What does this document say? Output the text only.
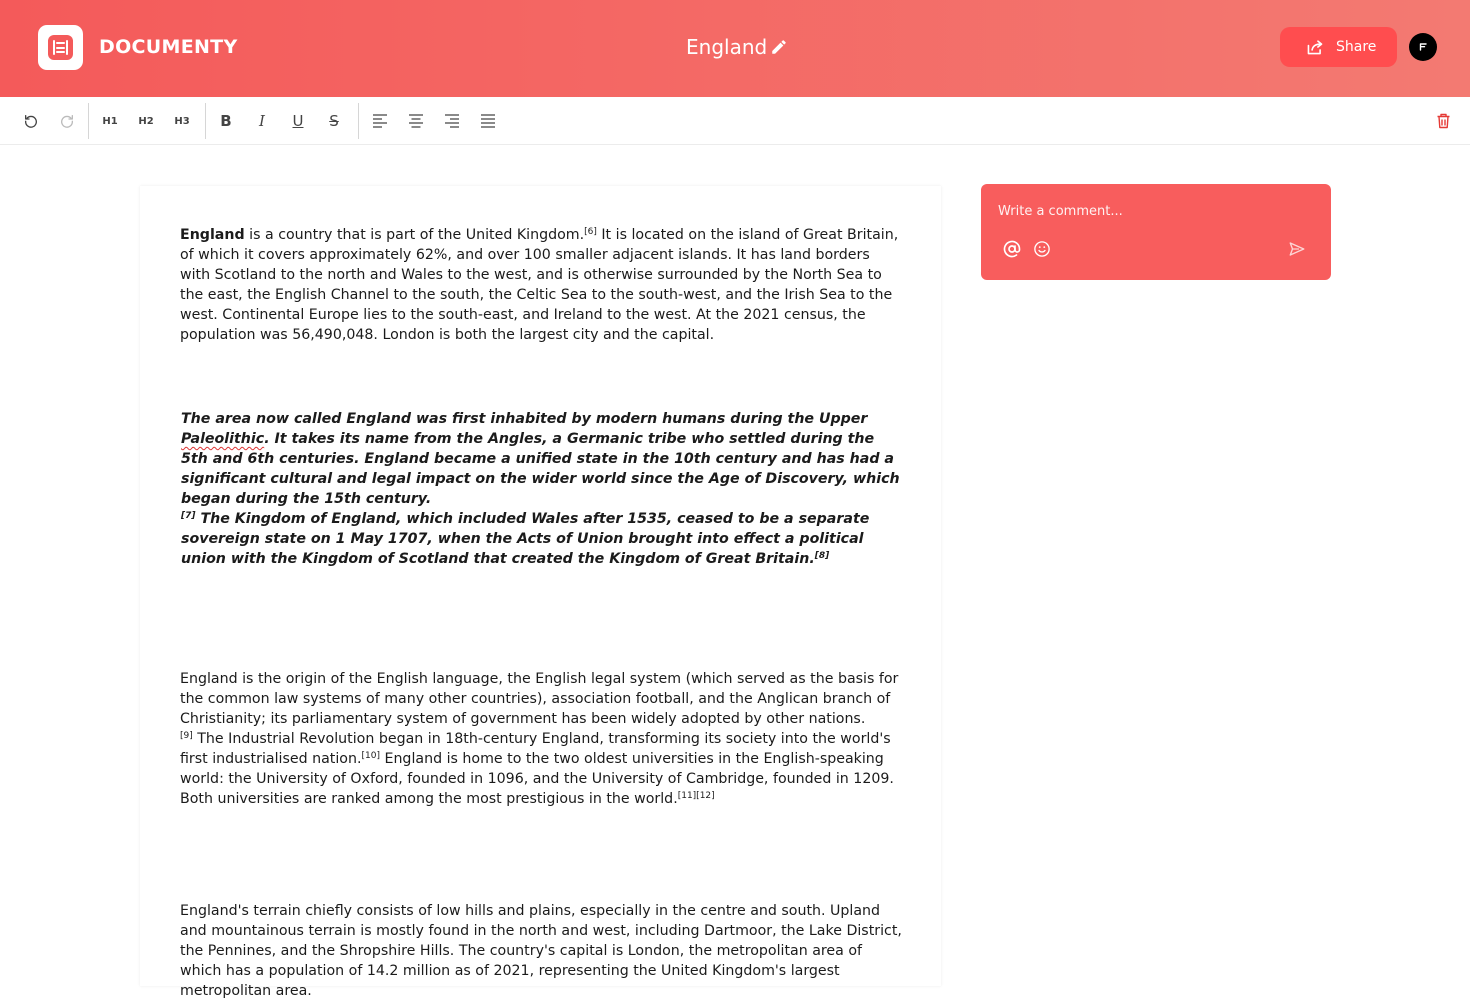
DOCUMENTY	England	Share
H1	H2	H3	B	I	U	S

England is a country that is part of the United Kingdom.[6] It is located on the island of Great Britain, of which it covers approximately 62%, and over 100 smaller adjacent islands. It has land borders with Scotland to the north and Wales to the west, and is otherwise surrounded by the North Sea to the east, the English Channel to the south, the Celtic Sea to the south-west, and the Irish Sea to the west. Continental Europe lies to the south-east, and Ireland to the west. At the 2021 census, the population was 56,490,048. London is both the largest city and the capital.

The area now called England was first inhabited by modern humans during the Upper Paleolithic. It takes its name from the Angles, a Germanic tribe who settled during the 5th and 6th centuries. England became a unified state in the 10th century and has had a significant cultural and legal impact on the wider world since the Age of Discovery, which began during the 15th century.
[7] The Kingdom of England, which included Wales after 1535, ceased to be a separate sovereign state on 1 May 1707, when the Acts of Union brought into effect a political union with the Kingdom of Scotland that created the Kingdom of Great Britain.[8]

England is the origin of the English language, the English legal system (which served as the basis for the common law systems of many other countries), association football, and the Anglican branch of Christianity; its parliamentary system of government has been widely adopted by other nations.
[9] The Industrial Revolution began in 18th-century England, transforming its society into the world's first industrialised nation.[10] England is home to the two oldest universities in the English-speaking world: the University of Oxford, founded in 1096, and the University of Cambridge, founded in 1209. Both universities are ranked among the most prestigious in the world.[11][12]

England's terrain chiefly consists of low hills and plains, especially in the centre and south. Upland and mountainous terrain is mostly found in the north and west, including Dartmoor, the Lake District, the Pennines, and the Shropshire Hills. The country's capital is London, the metropolitan area of which has a population of 14.2 million as of 2021, representing the United Kingdom's largest metropolitan area.

Write a comment...
